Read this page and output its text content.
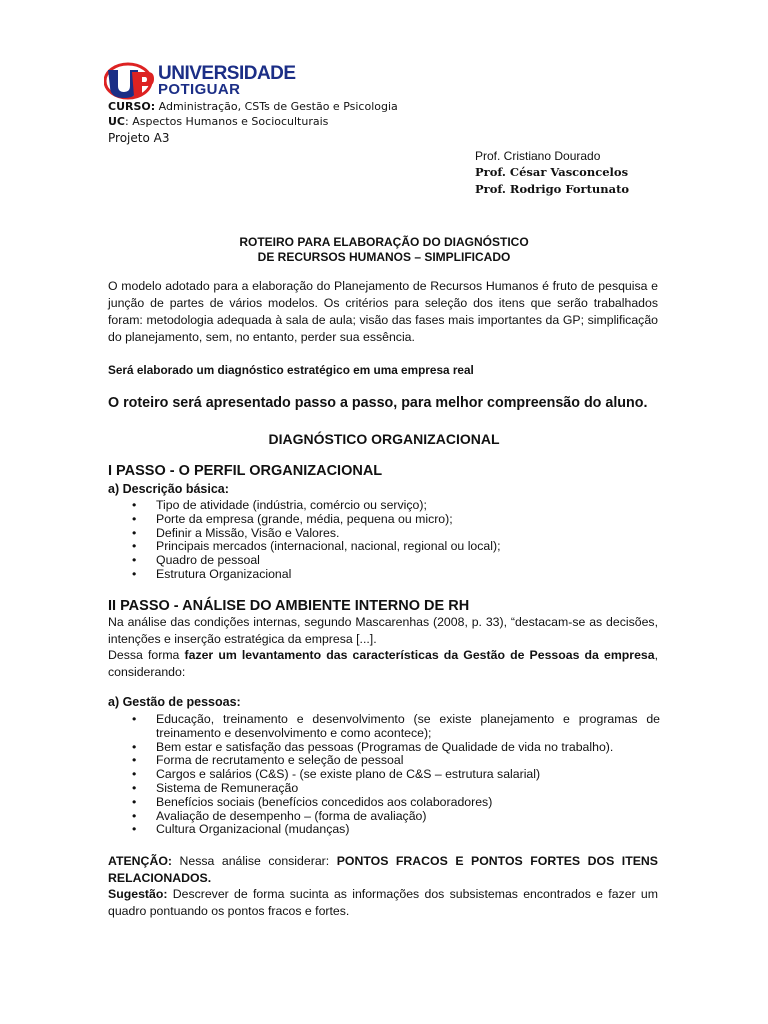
n
UNIVERSIDADE
POTIGUAR
CURSO: Administração, CSTs de Gestão e Psicologia
UC: Aspectos Humanos e Socioculturais
Projeto A3
Prof. Cristiano Dourado
Prof. César Vasconcelos
Prof. Rodrigo Fortunato
ROTEIRO PARA ELABORAÇÃO DO DIAGNÓSTICO
DE RECURSOS HUMANOS – SIMPLIFICADO
O modelo adotado para a elaboração do Planejamento de Recursos Humanos é fruto de pesquisa e junção de partes de vários modelos. Os critérios para seleção dos itens que serão trabalhados foram: metodologia adequada à sala de aula; visão das fases mais importantes da GP; simplificação do planejamento, sem, no entanto, perder sua essência.
Será elaborado um diagnóstico estratégico em uma empresa real
O roteiro será apresentado passo a passo, para melhor compreensão do aluno.
DIAGNÓSTICO ORGANIZACIONAL
I PASSO - O PERFIL ORGANIZACIONAL
a) Descrição básica:
• Tipo de atividade (indústria, comércio ou serviço);
• Porte da empresa (grande, média, pequena ou micro);
• Definir a Missão, Visão e Valores.
• Principais mercados (internacional, nacional, regional ou local);
• Quadro de pessoal
• Estrutura Organizacional
II PASSO - ANÁLISE DO AMBIENTE INTERNO DE RH
Na análise das condições internas, segundo Mascarenhas (2008, p. 33), “destacam-se as decisões, intenções e inserção estratégica da empresa [...].
Dessa forma fazer um levantamento das características da Gestão de Pessoas da empresa, considerando:
a) Gestão de pessoas:
• Educação, treinamento e desenvolvimento (se existe planejamento e programas de treinamento e desenvolvimento e como acontece);
• Bem estar e satisfação das pessoas (Programas de Qualidade de vida no trabalho).
• Forma de recrutamento e seleção de pessoal
• Cargos e salários (C&S) - (se existe plano de C&S – estrutura salarial)
• Sistema de Remuneração
• Benefícios sociais (benefícios concedidos aos colaboradores)
• Avaliação de desempenho – (forma de avaliação)
• Cultura Organizacional (mudanças)
ATENÇÃO: Nessa análise considerar: PONTOS FRACOS E PONTOS FORTES DOS ITENS RELACIONADOS.
Sugestão: Descrever de forma sucinta as informações dos subsistemas encontrados e fazer um quadro pontuando os pontos fracos e fortes.
